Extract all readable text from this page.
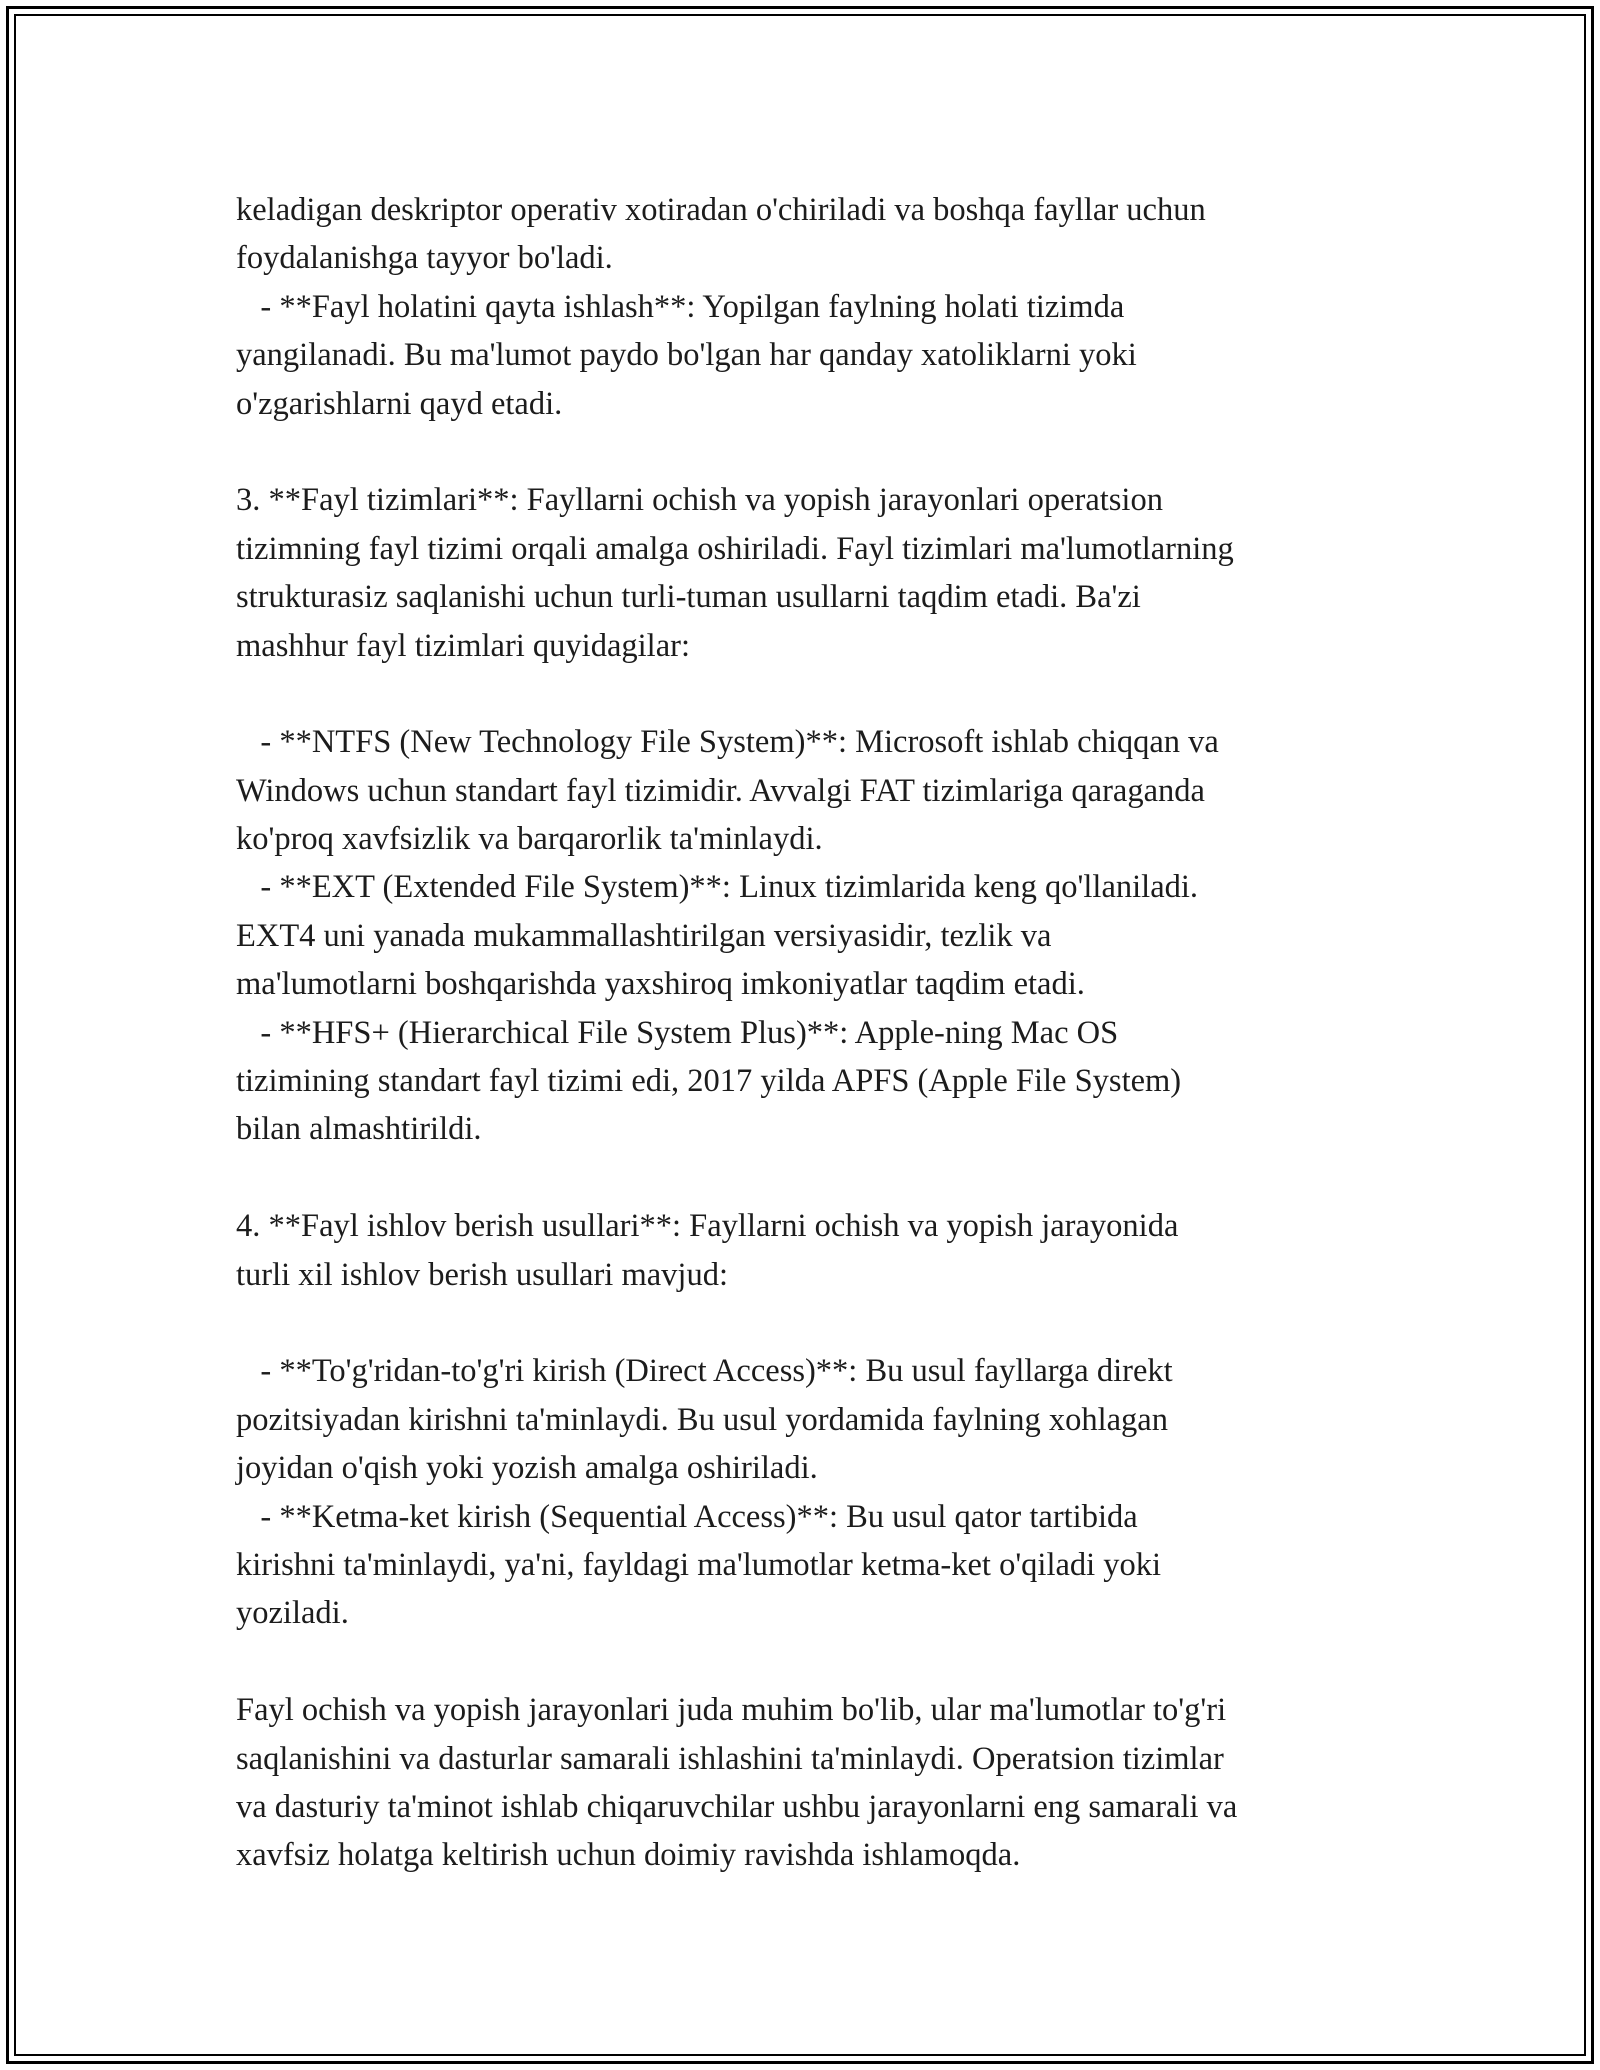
keladigan deskriptor operativ xotiradan o'chiriladi va boshqa fayllar uchun
foydalanishga tayyor bo'ladi.
- **Fayl holatini qayta ishlash**: Yopilgan faylning holati tizimda
yangilanadi. Bu ma'lumot paydo bo'lgan har qanday xatoliklarni yoki
o'zgarishlarni qayd etadi.
3. **Fayl tizimlari**: Fayllarni ochish va yopish jarayonlari operatsion
tizimning fayl tizimi orqali amalga oshiriladi. Fayl tizimlari ma'lumotlarning
strukturasiz saqlanishi uchun turli-tuman usullarni taqdim etadi. Ba'zi
mashhur fayl tizimlari quyidagilar:
- **NTFS (New Technology File System)**: Microsoft ishlab chiqqan va
Windows uchun standart fayl tizimidir. Avvalgi FAT tizimlariga qaraganda
ko'proq xavfsizlik va barqarorlik ta'minlaydi.
- **EXT (Extended File System)**: Linux tizimlarida keng qo'llaniladi.
EXT4 uni yanada mukammallashtirilgan versiyasidir, tezlik va
ma'lumotlarni boshqarishda yaxshiroq imkoniyatlar taqdim etadi.
- **HFS+ (Hierarchical File System Plus)**: Apple-ning Mac OS
tizimining standart fayl tizimi edi, 2017 yilda APFS (Apple File System)
bilan almashtirildi.
4. **Fayl ishlov berish usullari**: Fayllarni ochish va yopish jarayonida
turli xil ishlov berish usullari mavjud:
- **To'g'ridan-to'g'ri kirish (Direct Access)**: Bu usul fayllarga direkt
pozitsiyadan kirishni ta'minlaydi. Bu usul yordamida faylning xohlagan
joyidan o'qish yoki yozish amalga oshiriladi.
- **Ketma-ket kirish (Sequential Access)**: Bu usul qator tartibida
kirishni ta'minlaydi, ya'ni, fayldagi ma'lumotlar ketma-ket o'qiladi yoki
yoziladi.
Fayl ochish va yopish jarayonlari juda muhim bo'lib, ular ma'lumotlar to'g'ri
saqlanishini va dasturlar samarali ishlashini ta'minlaydi. Operatsion tizimlar
va dasturiy ta'minot ishlab chiqaruvchilar ushbu jarayonlarni eng samarali va
xavfsiz holatga keltirish uchun doimiy ravishda ishlamoqda.
